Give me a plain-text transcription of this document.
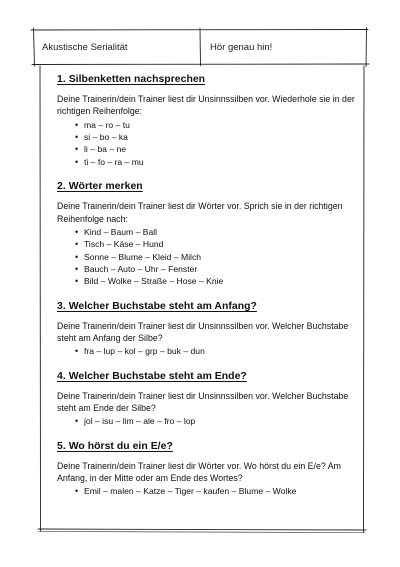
Akustische Serialität	Hör genau hin!
1. Silbenketten nachsprechen

Deine Trainerin/dein Trainer liest dir Unsinnssilben vor. Wiederhole sie in der richtigen Reihenfolge:

• ma – ro – tu
• si – bo – ka
• li – ba – ne
• ti – fo – ra – mu
2. Wörter merken

Deine Trainerin/dein Trainer liest dir Wörter vor. Sprich sie in der richtigen Reihenfolge nach:

• Kind – Baum – Ball
• Tisch – Käse – Hund
• Sonne – Blume – Kleid – Milch
• Bauch – Auto – Uhr – Fenster
• Bild – Wolke – Straße – Hose – Knie
3. Welcher Buchstabe steht am Anfang?

Deine Trainerin/dein Trainer liest dir Unsinnssilben vor. Welcher Buchstabe steht am Anfang der Silbe?

• fra – lup – kol – grp – buk – dun
4. Welcher Buchstabe steht am Ende?

Deine Trainerin/dein Trainer liest dir Unsinnssilben vor. Welcher Buchstabe steht am Ende der Silbe?

• jol – isu – lim – ale – fro – lop
5. Wo hörst du ein E/e?

Deine Trainerin/dein Trainer liest dir Wörter vor. Wo hörst du ein E/e? Am Anfang, in der Mitte oder am Ende des Wortes?

• Emil – malen – Katze – Tiger – kaufen – Blume – Wolke
